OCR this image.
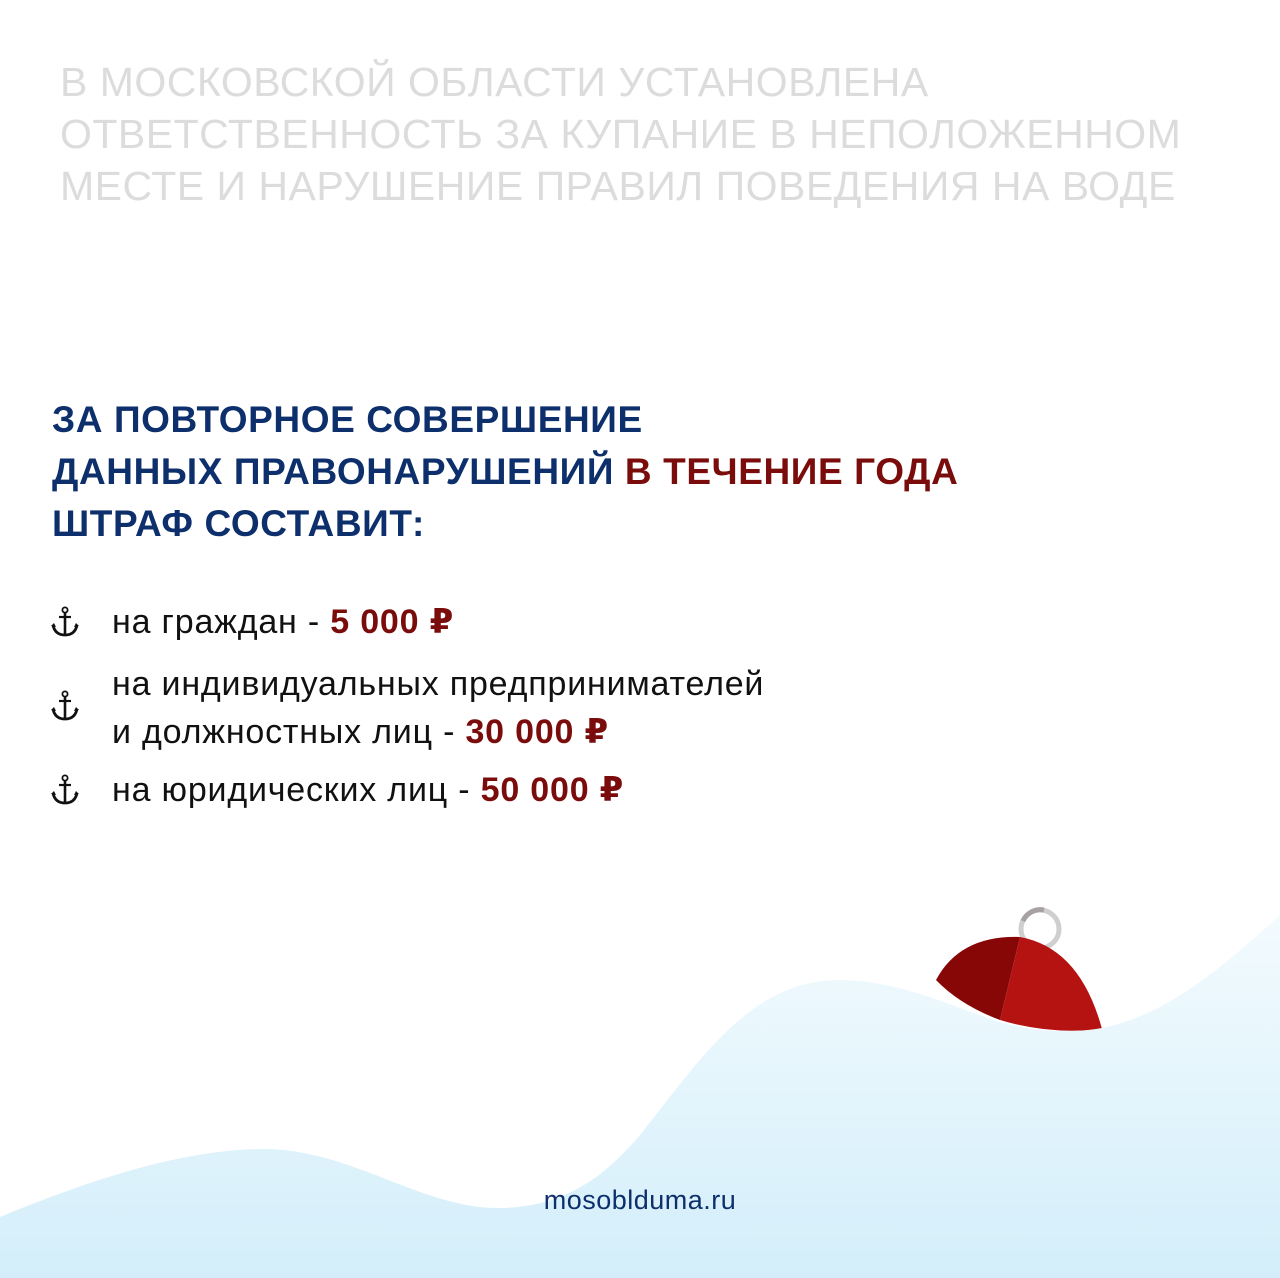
В МОСКОВСКОЙ ОБЛАСТИ УСТАНОВЛЕНА
ОТВЕТСТВЕННОСТЬ ЗА КУПАНИЕ В НЕПОЛОЖЕННОМ
МЕСТЕ И НАРУШЕНИЕ ПРАВИЛ ПОВЕДЕНИЯ НА ВОДЕ
ЗА ПОВТОРНОЕ СОВЕРШЕНИЕ
ДАННЫХ ПРАВОНАРУШЕНИЙ В ТЕЧЕНИЕ ГОДА
ШТРАФ СОСТАВИТ:
на граждан - 5 000 ₽
на индивидуальных предпринимателей
и должностных лиц - 30 000 ₽
на юридических лиц - 50 000 ₽
mosoblduma.ru
